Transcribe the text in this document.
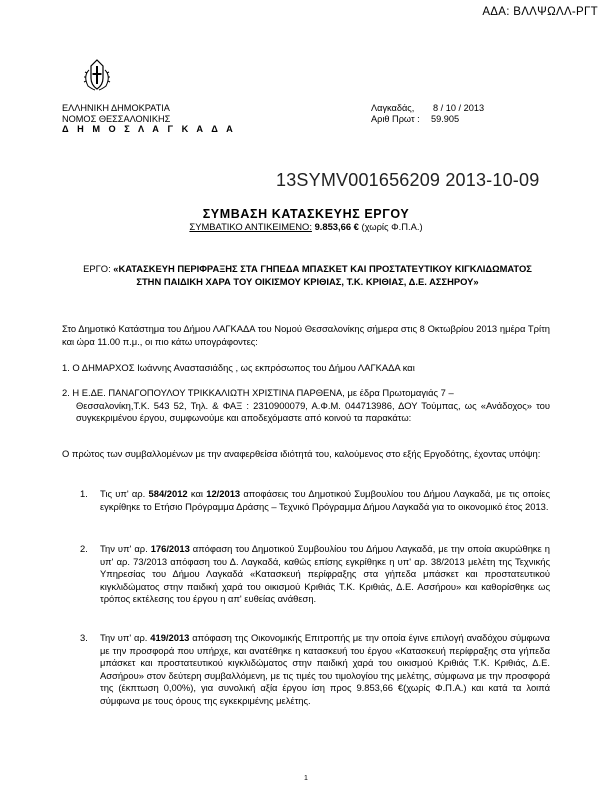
ΑΔΑ: ΒΛΛΨΩΛΛ-ΡΓΤ
ΕΛΛΗΝΙΚΗ ΔΗΜΟΚΡΑΤΙΑ
ΝΟΜΟΣ ΘΕΣΣΑΛΟΝΙΚΗΣ
Δ Η Μ Ο Σ Λ Α Γ Κ Α Δ Α
Λαγκαδάς,	8 / 10 / 2013
Αριθ Πρωτ :	59.905
13SYMV001656209 2013-10-09
ΣΥΜΒΑΣΗ ΚΑΤΑΣΚΕΥΗΣ ΕΡΓΟΥ
ΣΥΜΒΑΤΙΚΟ ΑΝΤΙΚΕΙΜΕΝΟ: 9.853,66 € (χωρίς Φ.Π.Α.)
ΕΡΓΟ: «ΚΑΤΑΣΚΕΥΗ ΠΕΡΙΦΡΑΞΗΣ ΣΤΑ ΓΗΠΕΔΑ ΜΠΑΣΚΕΤ ΚΑΙ ΠΡΟΣΤΑΤΕΥΤΙΚΟΥ ΚΙΓΚΛΙΔΩΜΑΤΟΣ ΣΤΗΝ ΠΑΙΔΙΚΗ ΧΑΡΑ ΤΟΥ ΟΙΚΙΣΜΟΥ ΚΡΙΘΙΑΣ, Τ.Κ. ΚΡΙΘΙΑΣ, Δ.Ε. ΑΣΣΗΡΟΥ»
Στο Δημοτικό Κατάστημα του Δήμου ΛΑΓΚΑΔΑ του Νομού Θεσσαλονίκης σήμερα στις 8 Οκτωβρίου 2013 ημέρα Τρίτη και ώρα 11.00 π.μ., οι πιο κάτω υπογράφοντες:
1. Ο ΔΗΜΑΡΧΟΣ Ιωάννης Αναστασιάδης , ως εκπρόσωπος του Δήμου ΛΑΓΚΑΔΑ και
2. Η Ε.ΔΕ. ΠΑΝΑΓΟΠΟΥΛΟΥ ΤΡΙΚΚΑΛΙΩΤΗ ΧΡΙΣΤΙΝΑ ΠΑΡΘΕΝΑ, με έδρα Πρωτομαγιάς 7 –
Θεσσαλονίκη,Τ.Κ. 543 52, Τηλ. & ΦΑΞ : 2310900079, Α.Φ.Μ. 044713986, ΔΟΥ Τούμπας, ως «Ανάδοχος» του συγκεκριμένου έργου, συμφωνούμε και αποδεχόμαστε από κοινού τα παρακάτω:
Ο πρώτος των συμβαλλομένων με την αναφερθείσα ιδιότητά του, καλούμενος στο εξής Εργοδότης, έχοντας υπόψη:
1.	Τις υπ' αρ. 584/2012 και 12/2013 αποφάσεις του Δημοτικού Συμβουλίου του Δήμου Λαγκαδά, με τις οποίες εγκρίθηκε το Ετήσιο Πρόγραμμα Δράσης – Τεχνικό Πρόγραμμα Δήμου Λαγκαδά για το οικονομικό έτος 2013.
2.	Την υπ' αρ. 176/2013 απόφαση του Δημοτικού Συμβουλίου του Δήμου Λαγκαδά, με την οποία ακυρώθηκε η υπ' αρ. 73/2013 απόφαση του Δ. Λαγκαδά, καθώς επίσης εγκρίθηκε η υπ' αρ. 38/2013 μελέτη της Τεχνικής Υπηρεσίας του Δήμου Λαγκαδά «Κατασκευή περίφραξης στα γήπεδα μπάσκετ και προστατευτικού κιγκλιδώματος στην παιδική χαρά του οικισμού Κριθιάς Τ.Κ. Κριθιάς, Δ.Ε. Ασσήρου» και καθορίσθηκε ως τρόπος εκτέλεσης του έργου η απ' ευθείας ανάθεση.
3.	Την υπ' αρ. 419/2013 απόφαση της Οικονομικής Επιτροπής με την οποία έγινε επιλογή αναδόχου σύμφωνα με την προσφορά που υπήρχε, και ανατέθηκε η κατασκευή του έργου «Κατασκευή περίφραξης στα γήπεδα μπάσκετ και προστατευτικού κιγκλιδώματος στην παιδική χαρά του οικισμού Κριθιάς Τ.Κ. Κριθιάς, Δ.Ε. Ασσήρου» στον δεύτερη συμβαλλόμενη, με τις τιμές του τιμολογίου της μελέτης, σύμφωνα με την προσφορά της (έκπτωση 0,00%), για συνολική αξία έργου ίση προς 9.853,66 €(χωρίς Φ.Π.Α.) και κατά τα λοιπά σύμφωνα με τους όρους της εγκεκριμένης μελέτης.
1
